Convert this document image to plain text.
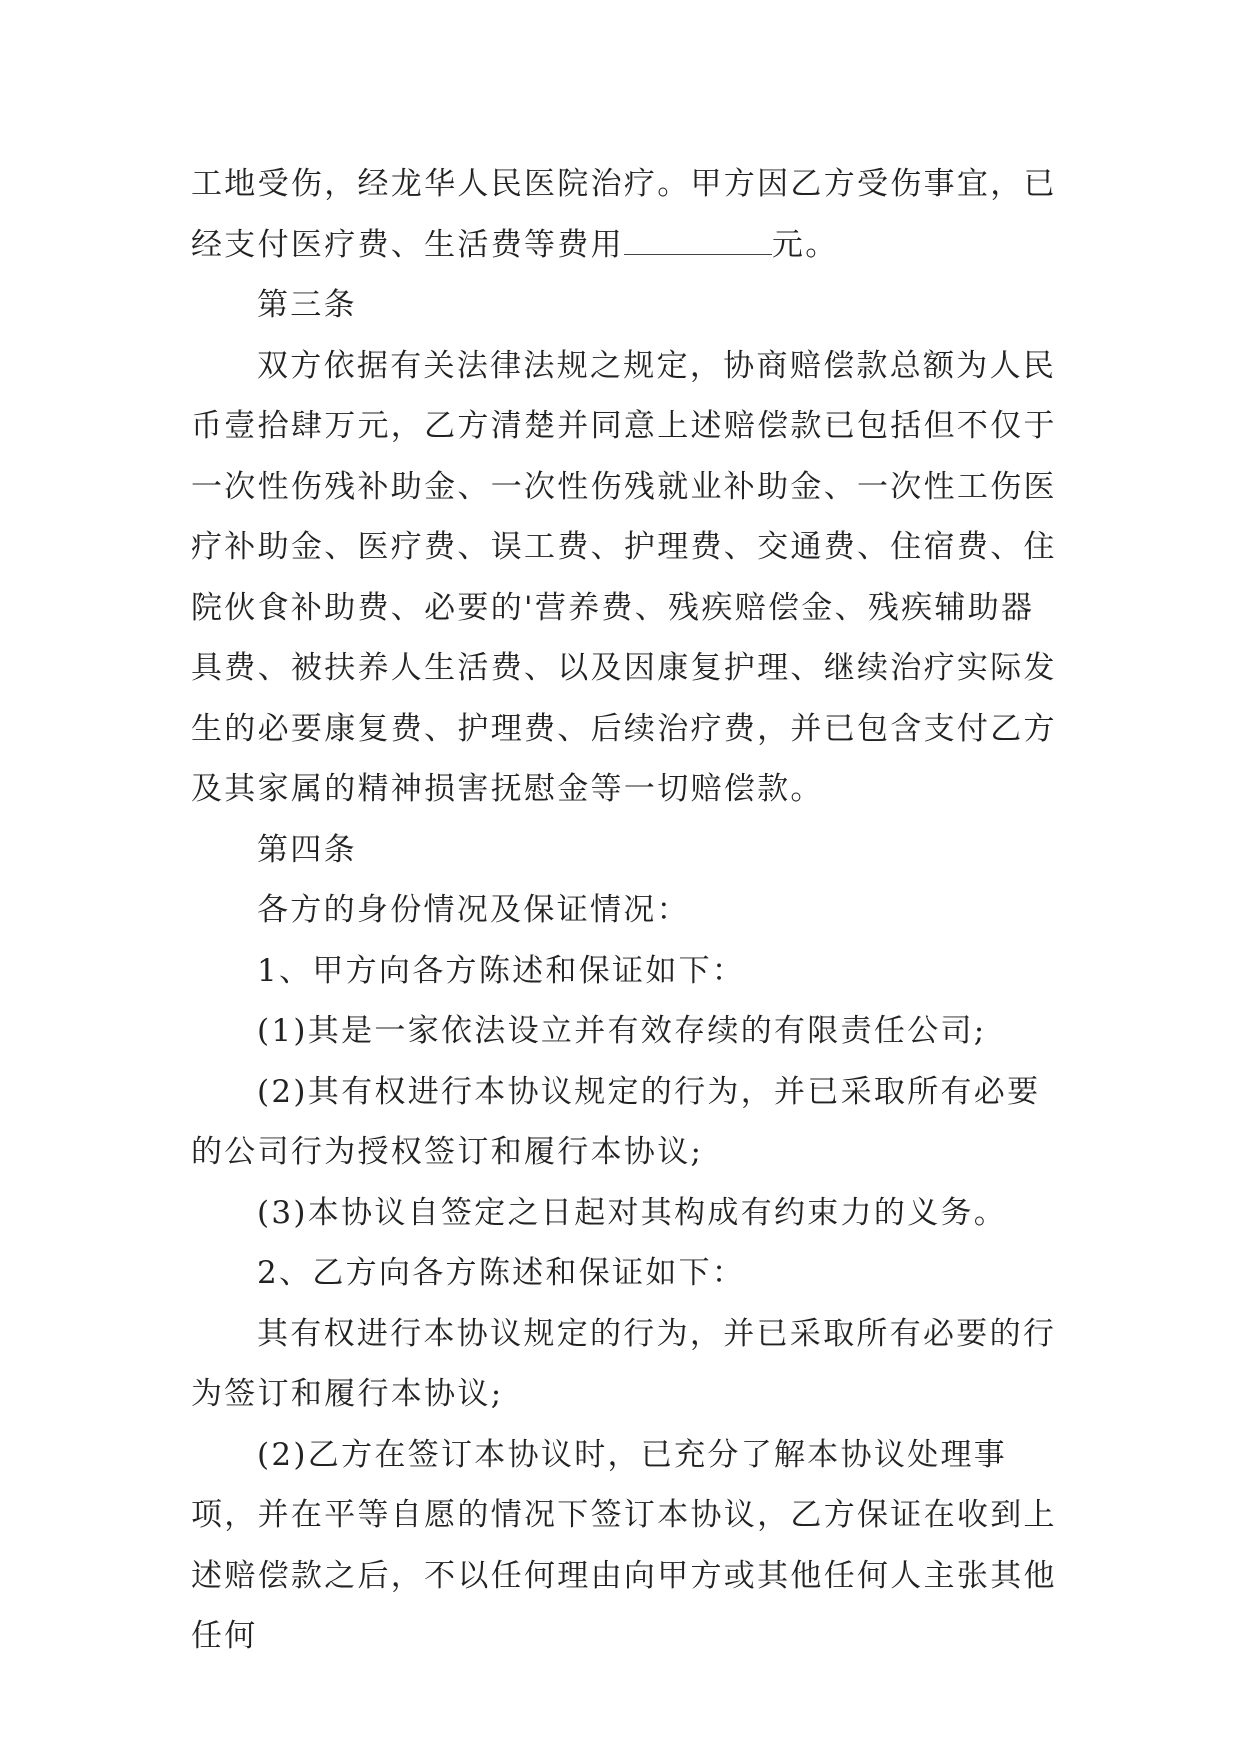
工地受伤，经龙华人民医院治疗。甲方因乙方受伤事宜，已经支付医疗费、生活费等费用	元。

第三条

双方依据有关法律法规之规定，协商赔偿款总额为人民币壹拾肆万元，乙方清楚并同意上述赔偿款已包括但不仅于一次性伤残补助金、一次性伤残就业补助金、一次性工伤医疗补助金、医疗费、误工费、护理费、交通费、住宿费、住院伙食补助费、必要的'营养费、残疾赔偿金、残疾辅助器具费、被扶养人生活费、以及因康复护理、继续治疗实际发生的必要康复费、护理费、后续治疗费，并已包含支付乙方及其家属的精神损害抚慰金等一切赔偿款。

第四条

各方的身份情况及保证情况：

1、甲方向各方陈述和保证如下：

(1)其是一家依法设立并有效存续的有限责任公司;

(2)其有权进行本协议规定的行为，并已采取所有必要的公司行为授权签订和履行本协议;

(3)本协议自签定之日起对其构成有约束力的义务。

2、乙方向各方陈述和保证如下：

其有权进行本协议规定的行为，并已采取所有必要的行为签订和履行本协议;

(2)乙方在签订本协议时，已充分了解本协议处理事项，并在平等自愿的情况下签订本协议，乙方保证在收到上述赔偿款之后，不以任何理由向甲方或其他任何人主张其他任何
